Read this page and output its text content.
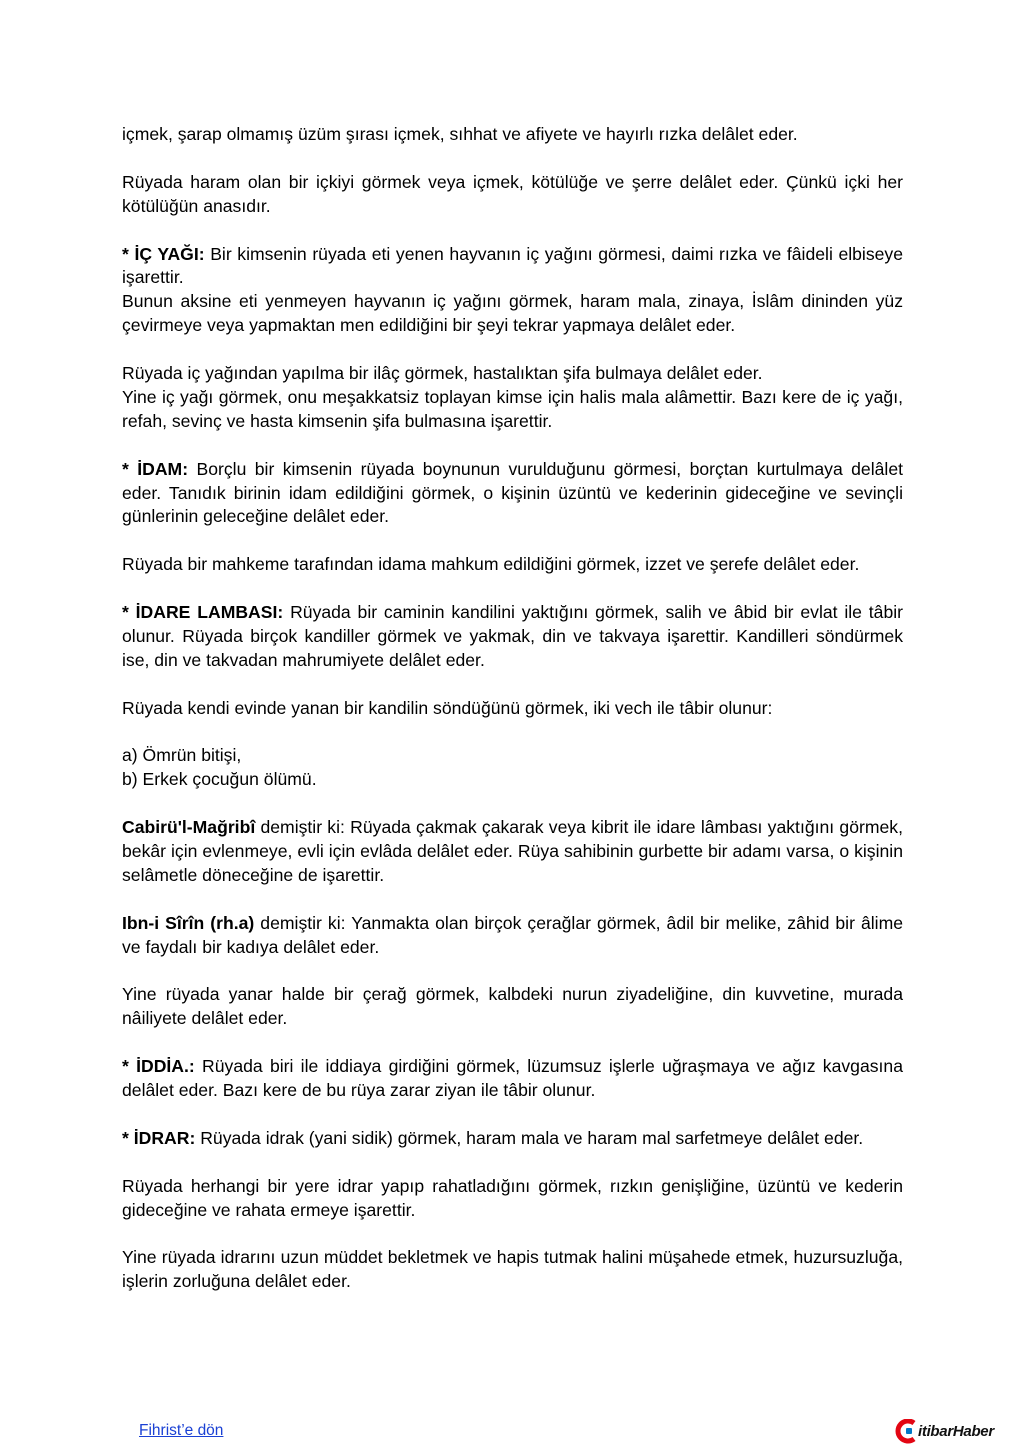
içmek, şarap olmamış üzüm şırası içmek, sıhhat ve afiyete ve hayırlı rızka delâlet eder.

Rüyada haram olan bir içkiyi görmek veya içmek, kötülüğe ve şerre delâlet eder. Çünkü içki her kötülüğün anasıdır.

* İÇ YAĞI: Bir kimsenin rüyada eti yenen hayvanın iç yağını görmesi, daimi rızka ve fâideli elbiseye işarettir.

Bunun aksine eti yenmeyen hayvanın iç yağını görmek, haram mala, zinaya, İslâm dininden yüz çevirmeye veya yapmaktan men edildiğini bir şeyi tekrar yapmaya delâlet eder.

Rüyada iç yağından yapılma bir ilâç görmek, hastalıktan şifa bulmaya delâlet eder.

Yine iç yağı görmek, onu meşakkatsiz toplayan kimse için halis mala alâmettir. Bazı kere de iç yağı, refah, sevinç ve hasta kimsenin şifa bulmasına işarettir.

* İDAM: Borçlu bir kimsenin rüyada boynunun vurulduğunu görmesi, borçtan kurtulmaya delâlet eder. Tanıdık birinin idam edildiğini görmek, o kişinin üzüntü ve kederinin gideceğine ve sevinçli günlerinin geleceğine delâlet eder.

Rüyada bir mahkeme tarafından idama mahkum edildiğini görmek, izzet ve şerefe delâlet eder.

* İDARE LAMBASI: Rüyada bir caminin kandilini yaktığını görmek, salih ve âbid bir evlat ile tâbir olunur. Rüyada birçok kandiller görmek ve yakmak, din ve takvaya işarettir. Kandilleri söndürmek ise, din ve takvadan mahrumiyete delâlet eder.

Rüyada kendi evinde yanan bir kandilin söndüğünü görmek, iki vech ile tâbir olunur:

a) Ömrün bitişi,

b) Erkek çocuğun ölümü.

Cabirü'l-Mağribî demiştir ki: Rüyada çakmak çakarak veya kibrit ile idare lâmbası yaktığını görmek, bekâr için evlenmeye, evli için evlâda delâlet eder. Rüya sahibinin gurbette bir adamı varsa, o kişinin selâmetle döneceğine de işarettir.

Ibn-i Sîrîn (rh.a) demiştir ki: Yanmakta olan birçok çerağlar görmek, âdil bir melike, zâhid bir âlime ve faydalı bir kadıya delâlet eder.

Yine rüyada yanar halde bir çerağ görmek, kalbdeki nurun ziyadeliğine, din kuvvetine, murada nâiliyete delâlet eder.

* İDDİA.: Rüyada biri ile iddiaya girdiğini görmek, lüzumsuz işlerle uğraşmaya ve ağız kavgasına delâlet eder. Bazı kere de bu rüya zarar ziyan ile tâbir olunur.

* İDRAR: Rüyada idrak (yani sidik) görmek, haram mala ve haram mal sarfetmeye delâlet eder.

Rüyada herhangi bir yere idrar yapıp rahatladığını görmek, rızkın genişliğine, üzüntü ve kederin gideceğine ve rahata ermeye işarettir.

Yine rüyada idrarını uzun müddet bekletmek ve hapis tutmak halini müşahede etmek, huzursuzluğa, işlerin zorluğuna delâlet eder.

Fihrist’e dön	itibarHaber
